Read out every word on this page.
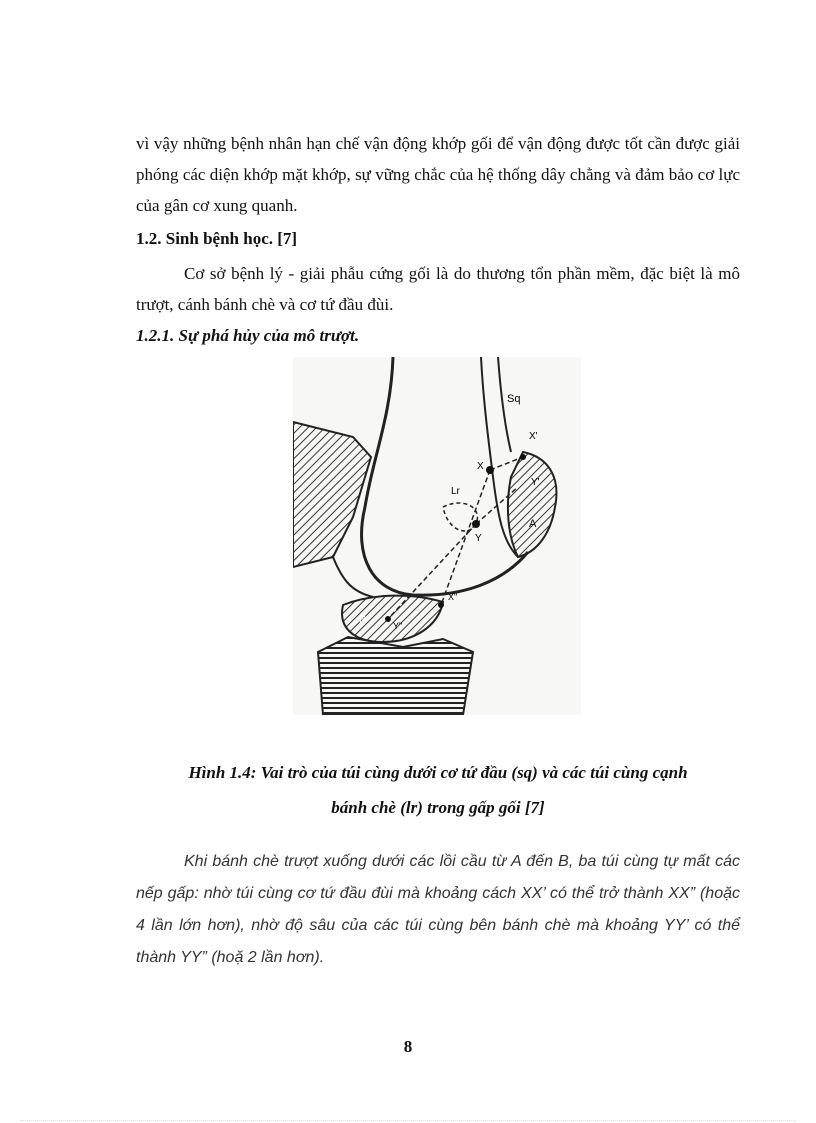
vì vậy những bệnh nhân hạn chế vận động khớp gối để vận động được tốt cần được giải phóng các diện khớp mặt khớp, sự vững chắc của hệ thống dây chằng và đảm bảo cơ lực của gân cơ xung quanh.

1.2. Sinh bệnh học. [7]

Cơ sở bệnh lý - giải phẫu cứng gối là do thương tổn phần mềm, đặc biệt là mô trượt, cánh bánh chè và cơ tứ đầu đùi.

1.2.1. Sự phá hủy của mô trượt.

Sq
X'
X
Y'
A
Lr
Y
X"
B	Y"

Hình 1.4: Vai trò của túi cùng dưới cơ tứ đầu (sq) và các túi cùng cạnh

bánh chè (lr) trong gấp gối [7]

Khi bánh chè trượt xuống dưới các lồi cầu từ A đến B, ba túi cùng tự mất các nếp gấp: nhờ túi cùng cơ tứ đầu đùi mà khoảng cách XX’ có thể trở thành XX” (hoặc 4 lần lớn hơn), nhờ độ sâu của các túi cùng bên bánh chè mà khoảng YY’ có thể thành YY” (hoặ 2 lần hơn).

8
